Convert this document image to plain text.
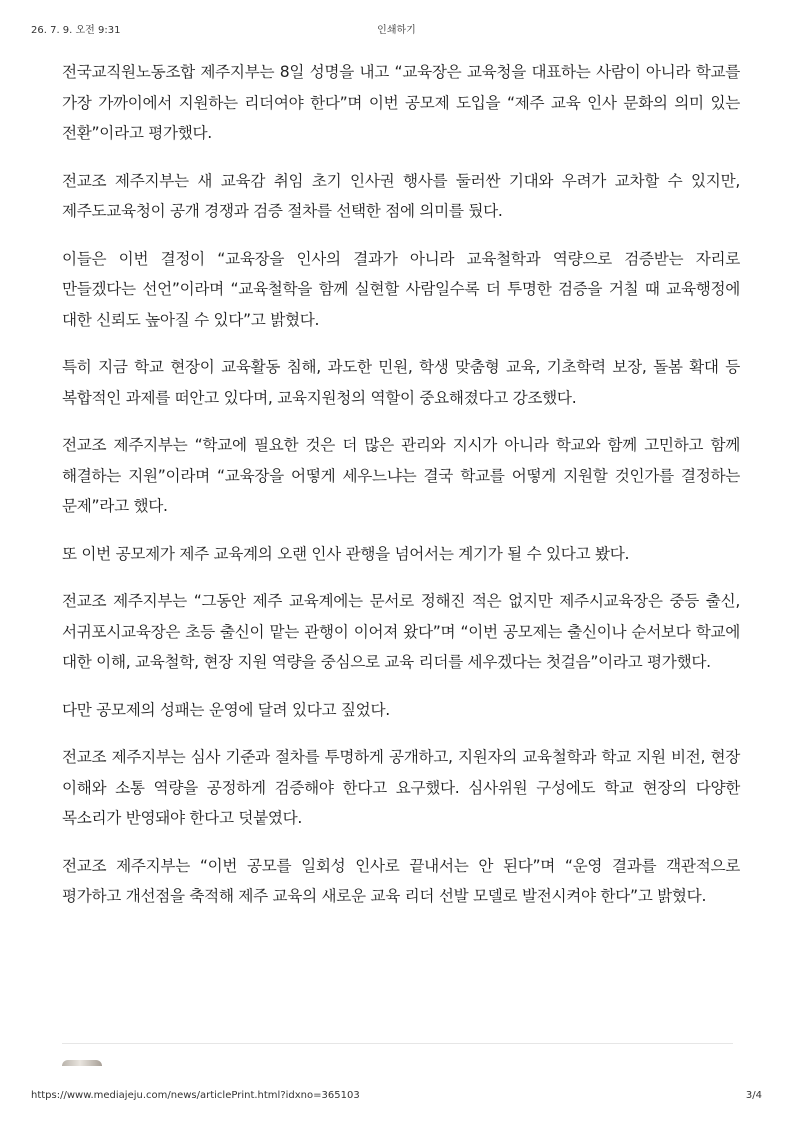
26. 7. 9. 오전 9:31	인쇄하기

전국교직원노동조합 제주지부는 8일 성명을 내고 “교육장은 교육청을 대표하는 사람이 아니라 학교를 가장 가까이에서 지원하는 리더여야 한다”며 이번 공모제 도입을 “제주 교육 인사 문화의 의미 있는 전환”이라고 평가했다.

전교조 제주지부는 새 교육감 취임 초기 인사권 행사를 둘러싼 기대와 우려가 교차할 수 있지만, 제주도교육청이 공개 경쟁과 검증 절차를 선택한 점에 의미를 뒀다.

이들은 이번 결정이 “교육장을 인사의 결과가 아니라 교육철학과 역량으로 검증받는 자리로 만들겠다는 선언”이라며 “교육철학을 함께 실현할 사람일수록 더 투명한 검증을 거칠 때 교육행정에 대한 신뢰도 높아질 수 있다”고 밝혔다.

특히 지금 학교 현장이 교육활동 침해, 과도한 민원, 학생 맞춤형 교육, 기초학력 보장, 돌봄 확대 등 복합적인 과제를 떠안고 있다며, 교육지원청의 역할이 중요해졌다고 강조했다.

전교조 제주지부는 “학교에 필요한 것은 더 많은 관리와 지시가 아니라 학교와 함께 고민하고 함께 해결하는 지원”이라며 “교육장을 어떻게 세우느냐는 결국 학교를 어떻게 지원할 것인가를 결정하는 문제”라고 했다.

또 이번 공모제가 제주 교육계의 오랜 인사 관행을 넘어서는 계기가 될 수 있다고 봤다.

전교조 제주지부는 “그동안 제주 교육계에는 문서로 정해진 적은 없지만 제주시교육장은 중등 출신, 서귀포시교육장은 초등 출신이 맡는 관행이 이어져 왔다”며 “이번 공모제는 출신이나 순서보다 학교에 대한 이해, 교육철학, 현장 지원 역량을 중심으로 교육 리더를 세우겠다는 첫걸음”이라고 평가했다.

다만 공모제의 성패는 운영에 달려 있다고 짚었다.

전교조 제주지부는 심사 기준과 절차를 투명하게 공개하고, 지원자의 교육철학과 학교 지원 비전, 현장 이해와 소통 역량을 공정하게 검증해야 한다고 요구했다. 심사위원 구성에도 학교 현장의 다양한 목소리가 반영돼야 한다고 덧붙였다.

전교조 제주지부는 “이번 공모를 일회성 인사로 끝내서는 안 된다”며 “운영 결과를 객관적으로 평가하고 개선점을 축적해 제주 교육의 새로운 교육 리더 선발 모델로 발전시켜야 한다”고 밝혔다.

https://www.mediajeju.com/news/articlePrint.html?idxno=365103	3/4
